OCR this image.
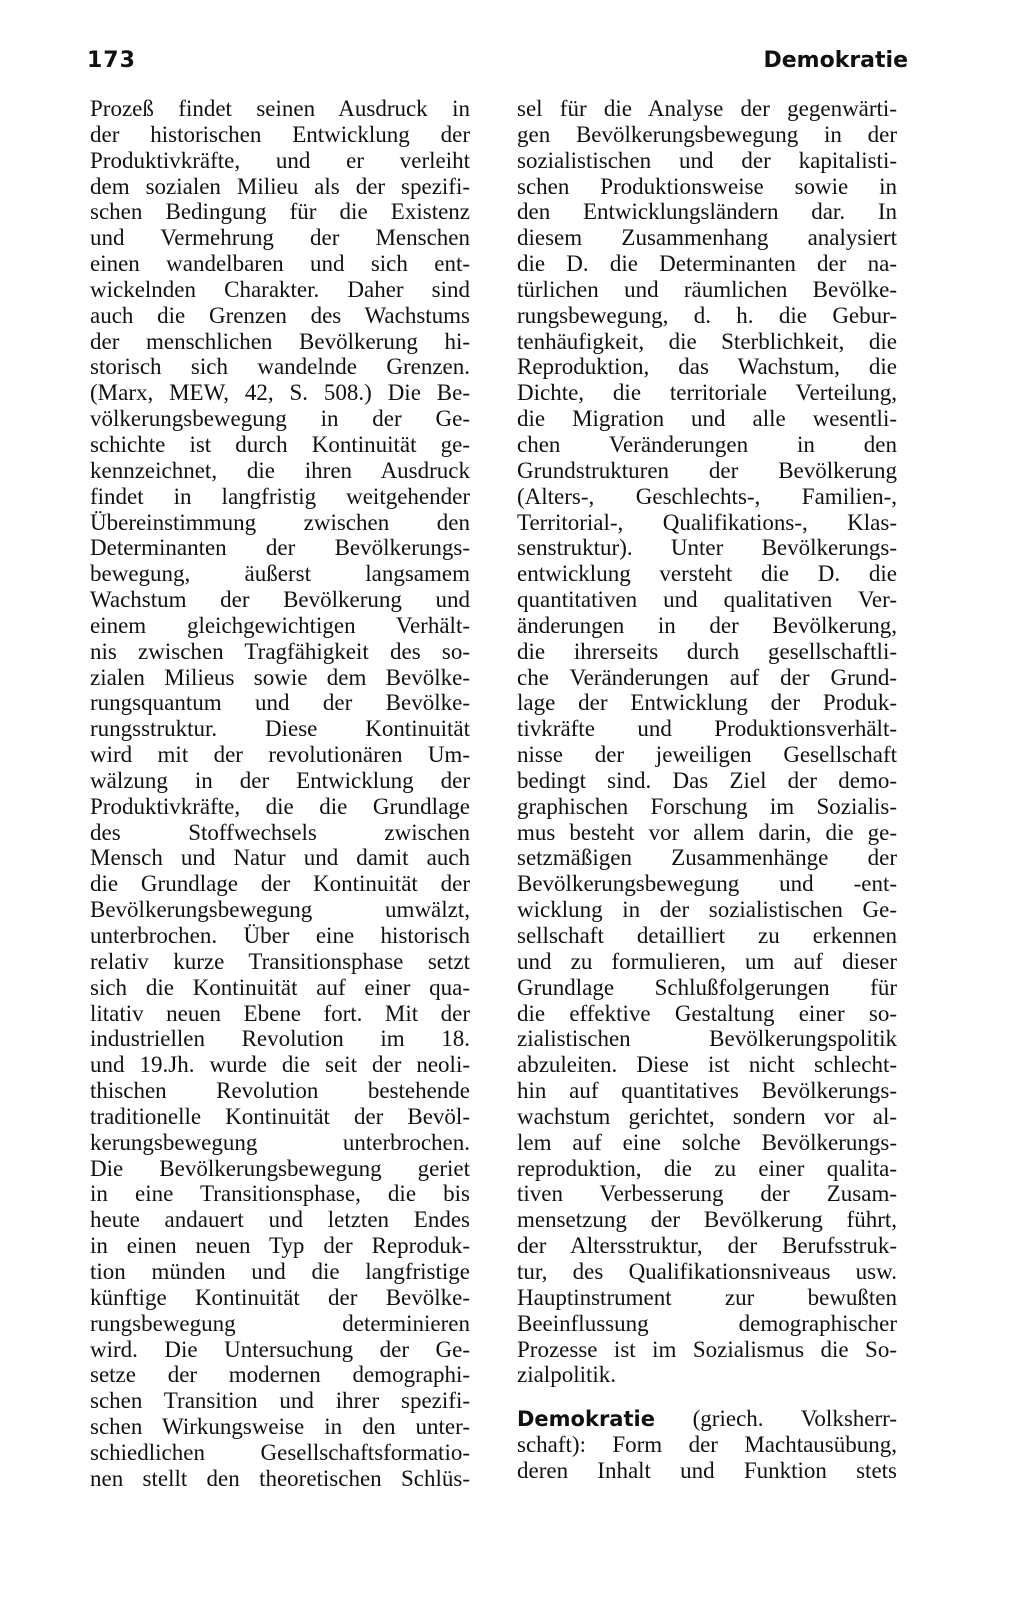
173	Demokratie
Prozeß findet seinen Ausdruck in
der historischen Entwicklung der
Produktivkräfte, und er verleiht
dem sozialen Milieu als der spezifi-
schen Bedingung für die Existenz
und Vermehrung der Menschen
einen wandelbaren und sich ent-
wickelnden Charakter. Daher sind
auch die Grenzen des Wachstums
der menschlichen Bevölkerung hi-
storisch sich wandelnde Grenzen.
(Marx, MEW, 42, S. 508.) Die Be-
völkerungsbewegung in der Ge-
schichte ist durch Kontinuität ge-
kennzeichnet, die ihren Ausdruck
findet in langfristig weitgehender
Übereinstimmung zwischen den
Determinanten der Bevölkerungs-
bewegung, äußerst langsamem
Wachstum der Bevölkerung und
einem gleichgewichtigen Verhält-
nis zwischen Tragfähigkeit des so-
zialen Milieus sowie dem Bevölke-
rungsquantum und der Bevölke-
rungsstruktur. Diese Kontinuität
wird mit der revolutionären Um-
wälzung in der Entwicklung der
Produktivkräfte, die die Grundlage
des Stoffwechsels zwischen
Mensch und Natur und damit auch
die Grundlage der Kontinuität der
Bevölkerungsbewegung umwälzt,
unterbrochen. Über eine historisch
relativ kurze Transitionsphase setzt
sich die Kontinuität auf einer qua-
litativ neuen Ebene fort. Mit der
industriellen Revolution im 18.
und 19.Jh. wurde die seit der neoli-
thischen Revolution bestehende
traditionelle Kontinuität der Bevöl-
kerungsbewegung unterbrochen.
Die Bevölkerungsbewegung geriet
in eine Transitionsphase, die bis
heute andauert und letzten Endes
in einen neuen Typ der Reproduk-
tion münden und die langfristige
künftige Kontinuität der Bevölke-
rungsbewegung determinieren
wird. Die Untersuchung der Ge-
setze der modernen demographi-
schen Transition und ihrer spezifi-
schen Wirkungsweise in den unter-
schiedlichen Gesellschaftsformatio-
nen stellt den theoretischen Schlüs-
sel für die Analyse der gegenwärti-
gen Bevölkerungsbewegung in der
sozialistischen und der kapitalisti-
schen Produktionsweise sowie in
den Entwicklungsländern dar. In
diesem Zusammenhang analysiert
die D. die Determinanten der na-
türlichen und räumlichen Bevölke-
rungsbewegung, d. h. die Gebur-
tenhäufigkeit, die Sterblichkeit, die
Reproduktion, das Wachstum, die
Dichte, die territoriale Verteilung,
die Migration und alle wesentli-
chen Veränderungen in den
Grundstrukturen der Bevölkerung
(Alters-, Geschlechts-, Familien-,
Territorial-, Qualifikations-, Klas-
senstruktur). Unter Bevölkerungs-
entwicklung versteht die D. die
quantitativen und qualitativen Ver-
änderungen in der Bevölkerung,
die ihrerseits durch gesellschaftli-
che Veränderungen auf der Grund-
lage der Entwicklung der Produk-
tivkräfte und Produktionsverhält-
nisse der jeweiligen Gesellschaft
bedingt sind. Das Ziel der demo-
graphischen Forschung im Sozialis-
mus besteht vor allem darin, die ge-
setzmäßigen Zusammenhänge der
Bevölkerungsbewegung und -ent-
wicklung in der sozialistischen Ge-
sellschaft detailliert zu erkennen
und zu formulieren, um auf dieser
Grundlage Schlußfolgerungen für
die effektive Gestaltung einer so-
zialistischen Bevölkerungspolitik
abzuleiten. Diese ist nicht schlecht-
hin auf quantitatives Bevölkerungs-
wachstum gerichtet, sondern vor al-
lem auf eine solche Bevölkerungs-
reproduktion, die zu einer qualita-
tiven Verbesserung der Zusam-
mensetzung der Bevölkerung führt,
der Altersstruktur, der Berufsstruk-
tur, des Qualifikationsniveaus usw.
Hauptinstrument zur bewußten
Beeinflussung demographischer
Prozesse ist im Sozialismus die So-
zialpolitik.
Demokratie (griech. Volksherr-
schaft): Form der Machtausübung,
deren Inhalt und Funktion stets
